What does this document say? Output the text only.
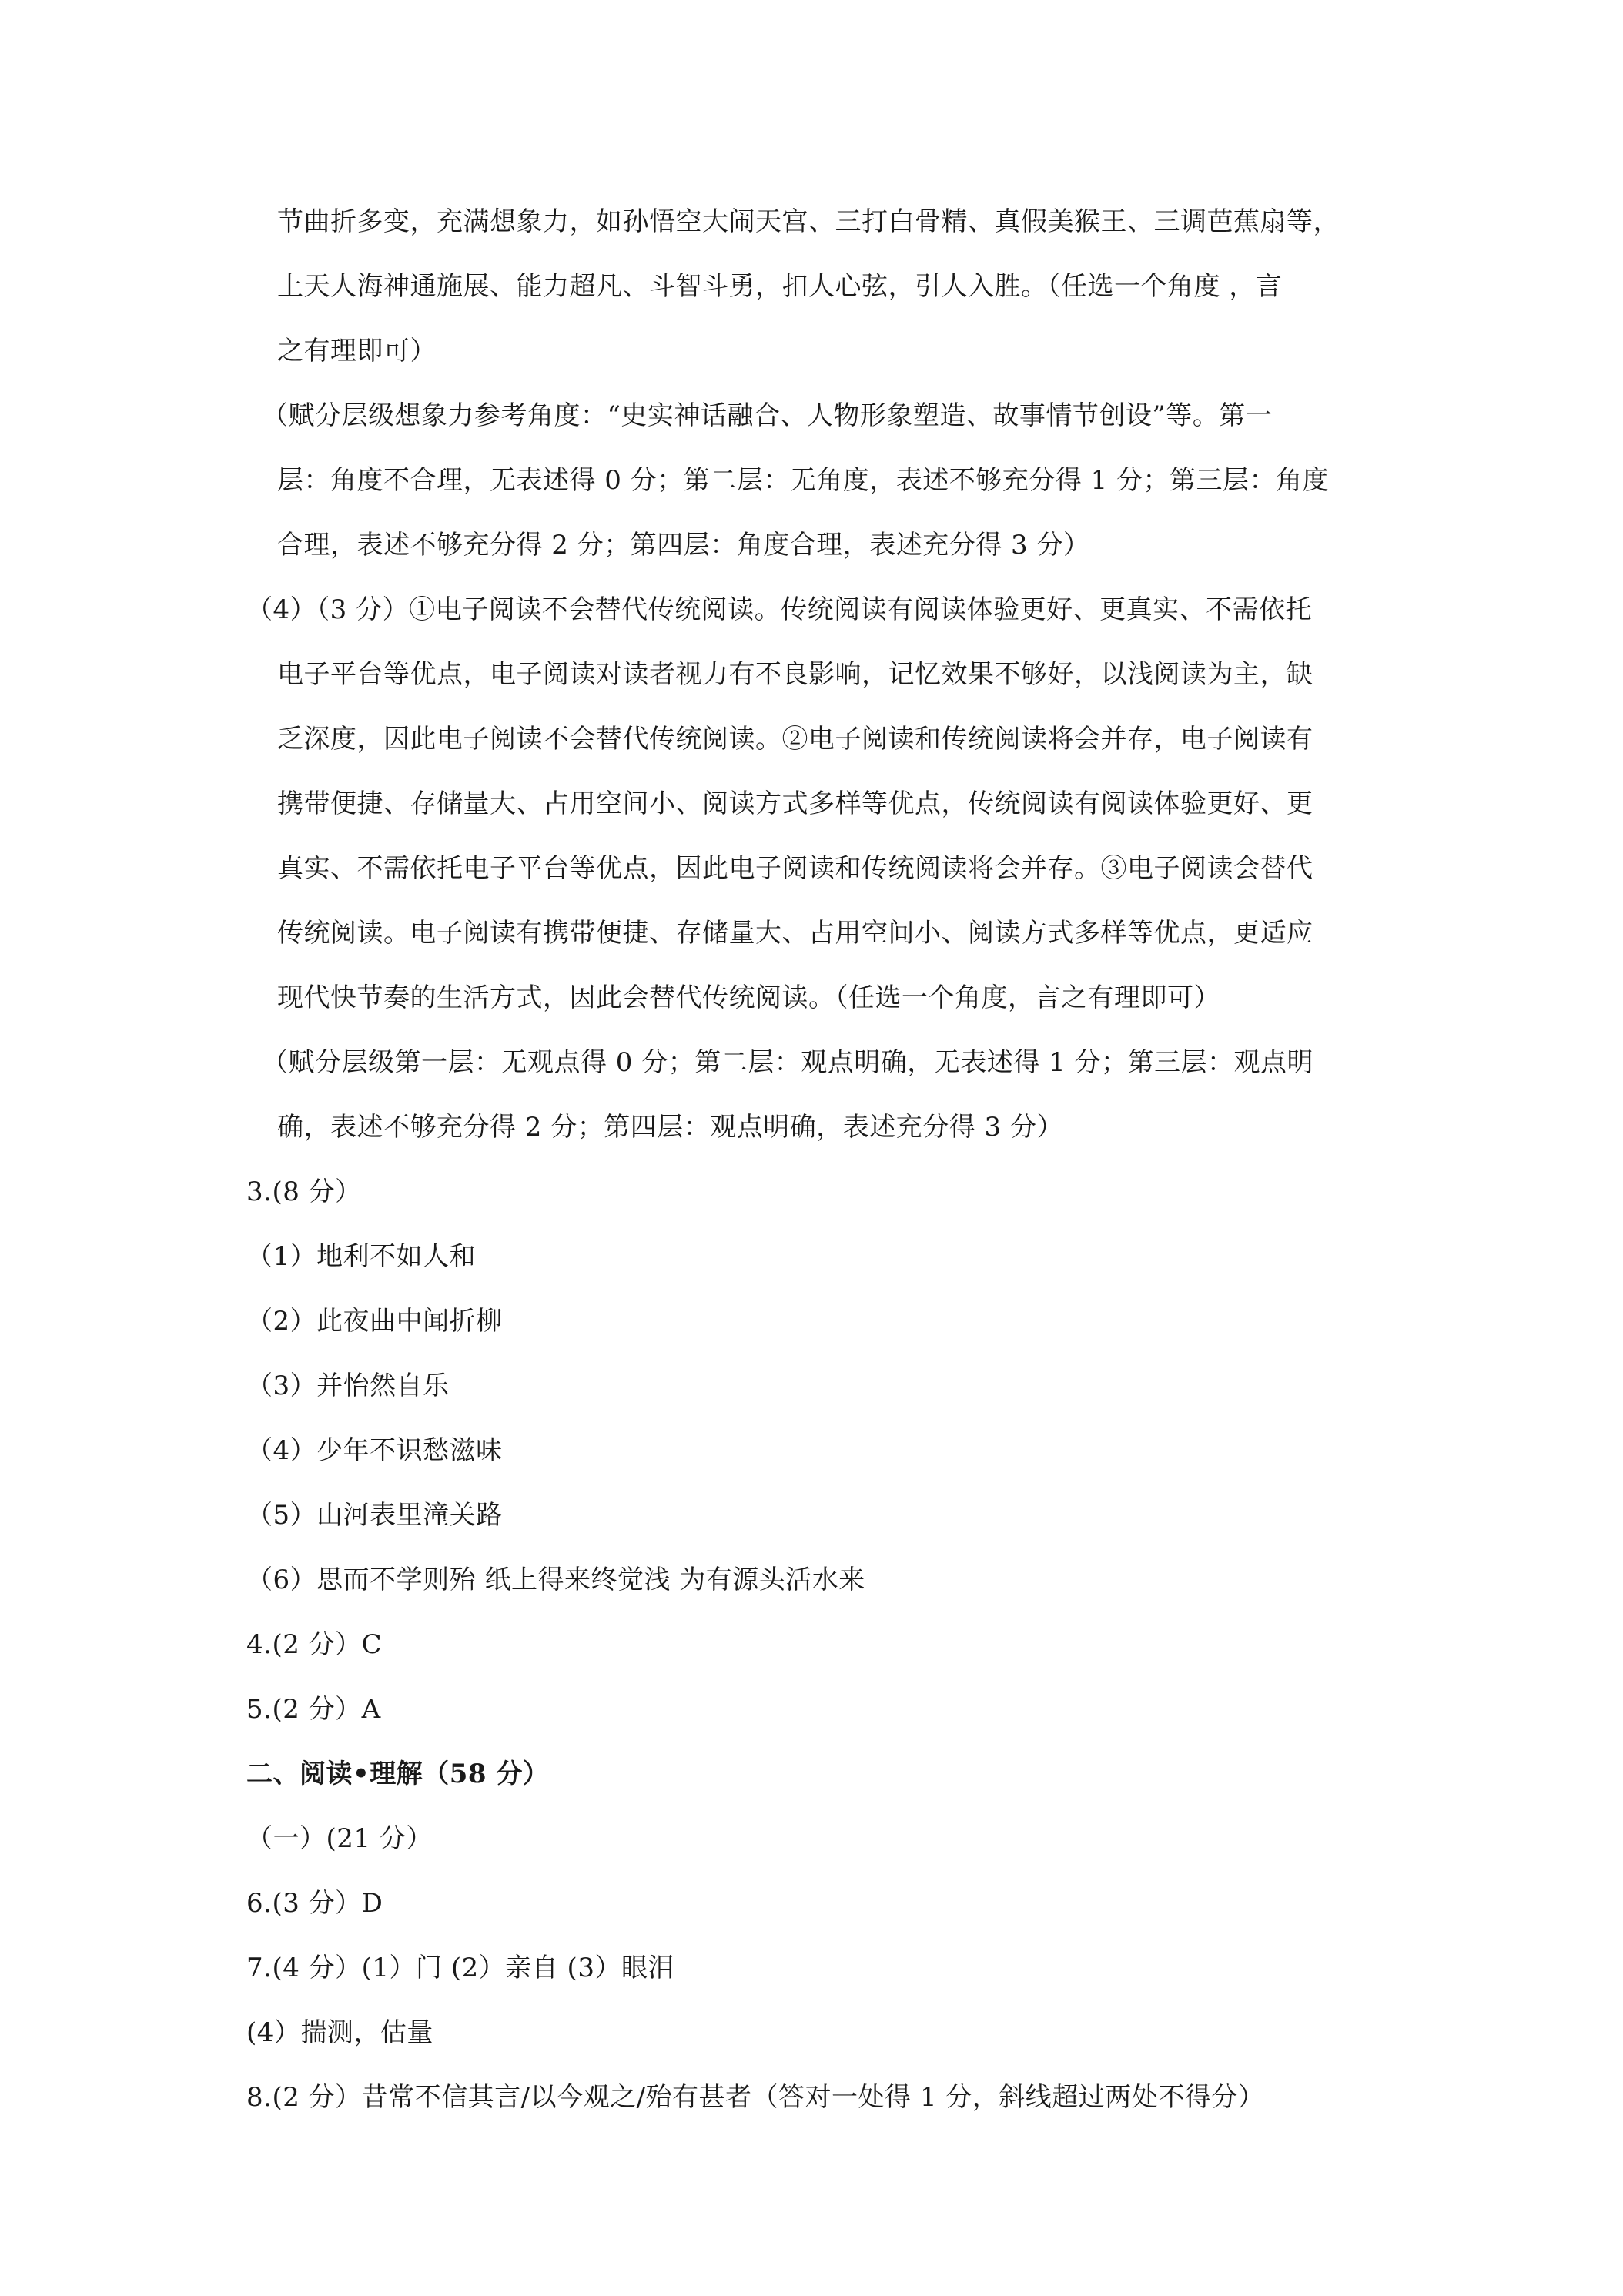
节曲折多变，充满想象力，如孙悟空大闹天宫、三打白骨精、真假美猴王、三调芭蕉扇等，
上天人海神通施展、能力超凡、斗智斗勇，扣人心弦，引人入胜。（任选一个角度 ，言
之有理即可）
（赋分层级想象力参考角度：“史实神话融合、人物形象塑造、故事情节创设”等。第一
层：角度不合理，无表述得 0 分；第二层：无角度，表述不够充分得 1 分；第三层：角度
合理，表述不够充分得 2 分；第四层：角度合理，表述充分得 3 分）
（4）（3 分）①电子阅读不会替代传统阅读。传统阅读有阅读体验更好、更真实、不需依托
电子平台等优点，电子阅读对读者视力有不良影响，记忆效果不够好，以浅阅读为主，缺
乏深度，因此电子阅读不会替代传统阅读。②电子阅读和传统阅读将会并存，电子阅读有
携带便捷、存储量大、占用空间小、阅读方式多样等优点，传统阅读有阅读体验更好、更
真实、不需依托电子平台等优点，因此电子阅读和传统阅读将会并存。③电子阅读会替代
传统阅读。电子阅读有携带便捷、存储量大、占用空间小、阅读方式多样等优点，更适应
现代快节奏的生活方式，因此会替代传统阅读。（任选一个角度，言之有理即可）
（赋分层级第一层：无观点得 0 分；第二层：观点明确，无表述得 1 分；第三层：观点明
确，表述不够充分得 2 分；第四层：观点明确，表述充分得 3 分）
3.(8 分）
（1）地利不如人和
（2）此夜曲中闻折柳
（3）并怡然自乐
（4）少年不识愁滋味
（5）山河表里潼关路
（6）思而不学则殆 纸上得来终觉浅 为有源头活水来
4.(2 分）C
5.(2 分）A
二、阅读•理解（58 分）
（一）(21 分）
6.(3 分）D
7.(4 分）(1）门 (2）亲自 (3）眼泪
(4）揣测，估量
8.(2 分）昔常不信其言/以今观之/殆有甚者（答对一处得 1 分，斜线超过两处不得分）
